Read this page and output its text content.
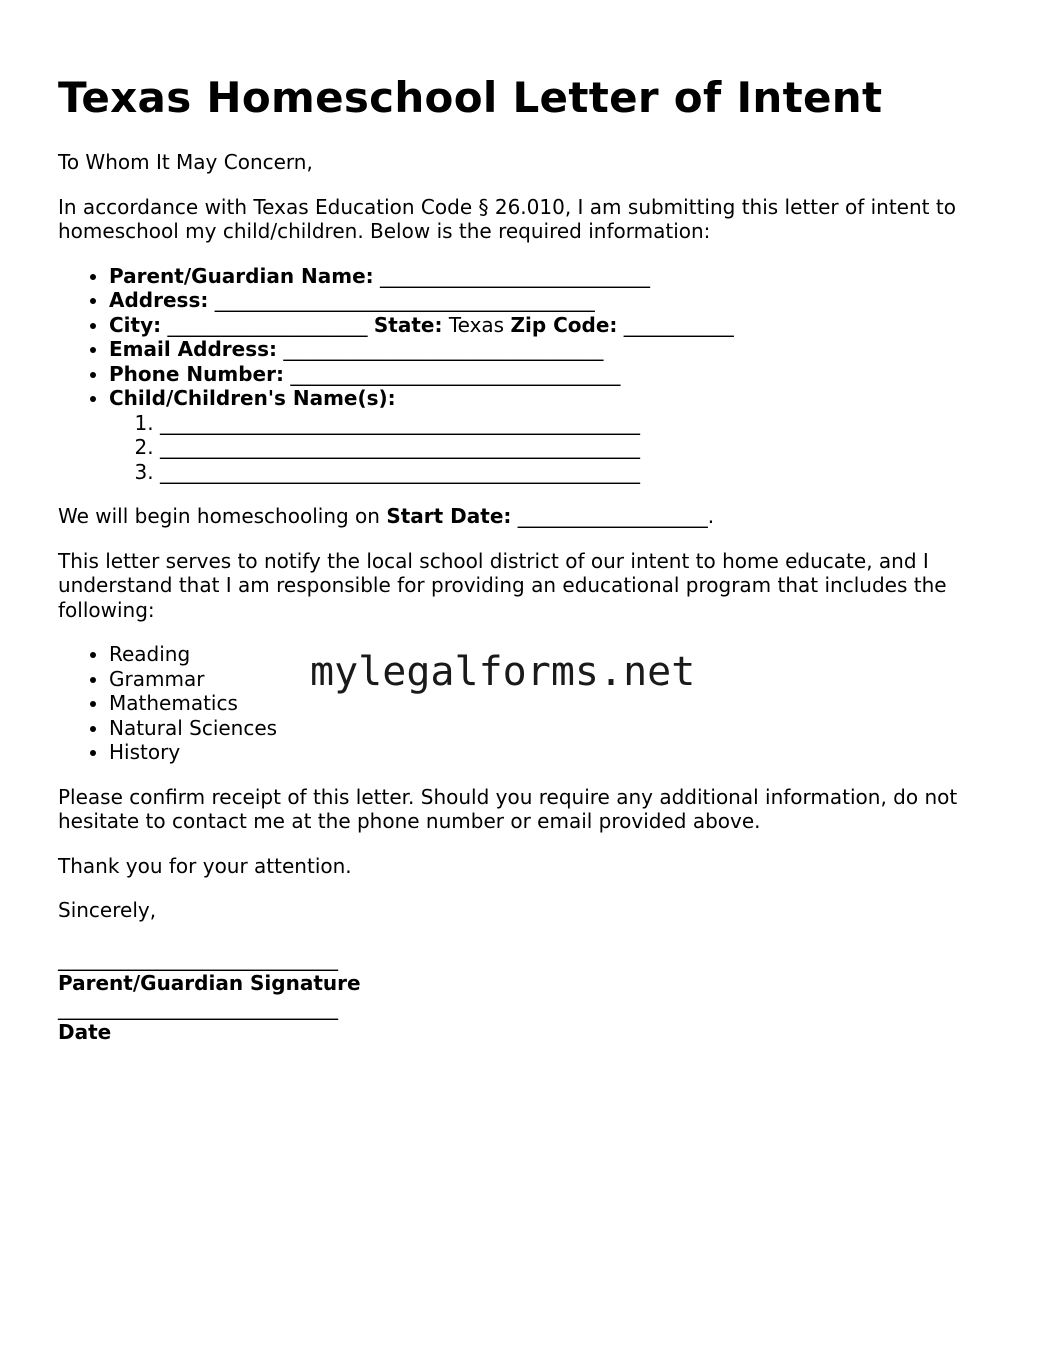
Texas Homeschool Letter of Intent

To Whom It May Concern,

In accordance with Texas Education Code § 26.010, I am submitting this letter of intent to homeschool my child/children. Below is the required information:

• Parent/Guardian Name: ___________________________
• Address: ______________________________________
• City: ____________________ State: Texas Zip Code: ___________
• Email Address: ________________________________
• Phone Number: _________________________________
• Child/Children's Name(s):
1. ________________________________________________
2. ________________________________________________
3. ________________________________________________

We will begin homeschooling on Start Date: ___________________.

This letter serves to notify the local school district of our intent to home educate, and I understand that I am responsible for providing an educational program that includes the following:

• Reading
• Grammar
• Mathematics
• Natural Sciences
• History
mylegalforms.net

Please confirm receipt of this letter. Should you require any additional information, do not hesitate to contact me at the phone number or email provided above.

Thank you for your attention.

Sincerely,

____________________________
Parent/Guardian Signature
____________________________
Date
